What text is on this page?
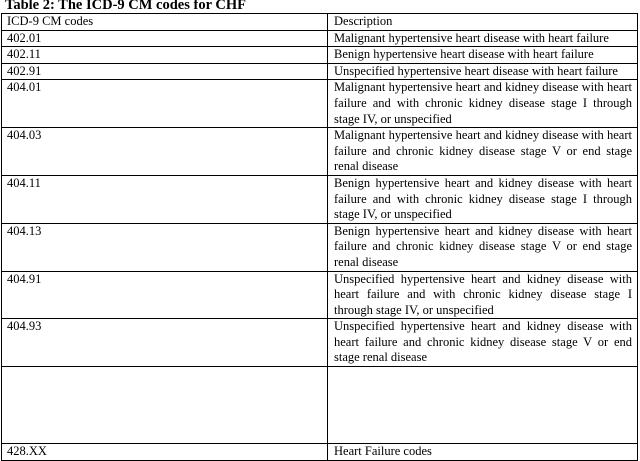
Table 2: The ICD-9 CM codes for CHF
ICD-9 CM codes	Description
402.01	Malignant hypertensive heart disease with heart failure
402.11	Benign hypertensive heart disease with heart failure
402.91	Unspecified hypertensive heart disease with heart failure
404.01	Malignant hypertensive heart and kidney disease with heart failure and with chronic kidney disease stage I through stage IV, or unspecified
404.03	Malignant hypertensive heart and kidney disease with heart failure and chronic kidney disease stage V or end stage renal disease
404.11	Benign hypertensive heart and kidney disease with heart failure and with chronic kidney disease stage I through stage IV, or unspecified
404.13	Benign hypertensive heart and kidney disease with heart failure and chronic kidney disease stage V or end stage renal disease
404.91	Unspecified hypertensive heart and kidney disease with heart failure and with chronic kidney disease stage I through stage IV, or unspecified
404.93	Unspecified hypertensive heart and kidney disease with heart failure and chronic kidney disease stage V or end stage renal disease

428.XX	Heart Failure codes
